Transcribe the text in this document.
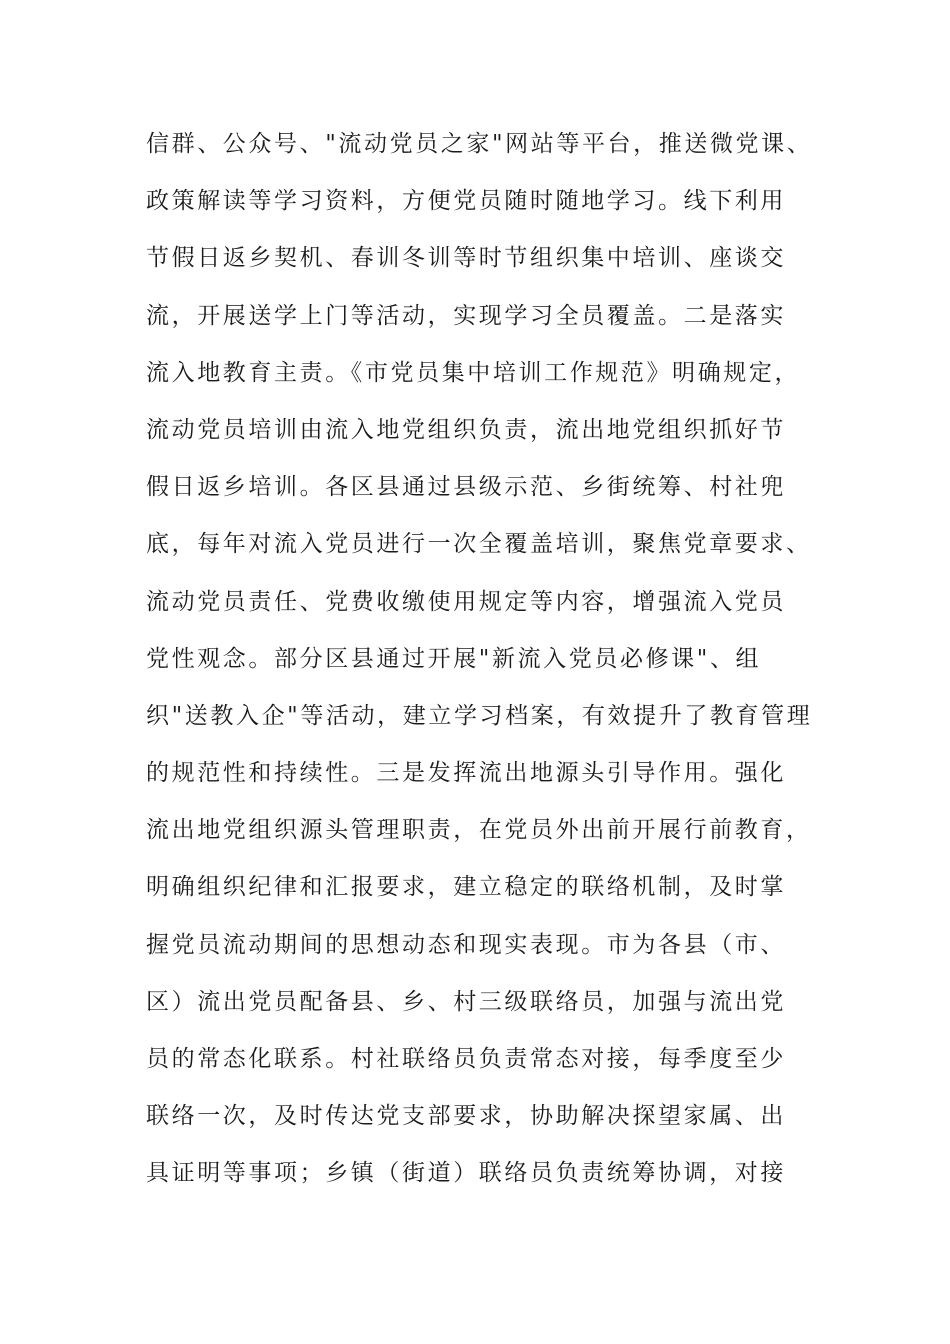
信群、公众号、"流动党员之家"网站等平台，推送微党课、
政策解读等学习资料，方便党员随时随地学习。线下利用
节假日返乡契机、春训冬训等时节组织集中培训、座谈交
流，开展送学上门等活动，实现学习全员覆盖。二是落实
流入地教育主责。《市党员集中培训工作规范》明确规定，
流动党员培训由流入地党组织负责，流出地党组织抓好节
假日返乡培训。各区县通过县级示范、乡街统筹、村社兜
底，每年对流入党员进行一次全覆盖培训，聚焦党章要求、
流动党员责任、党费收缴使用规定等内容，增强流入党员
党性观念。部分区县通过开展"新流入党员必修课"、组
织"送教入企"等活动，建立学习档案，有效提升了教育管理
的规范性和持续性。三是发挥流出地源头引导作用。强化
流出地党组织源头管理职责，在党员外出前开展行前教育，
明确组织纪律和汇报要求，建立稳定的联络机制，及时掌
握党员流动期间的思想动态和现实表现。市为各县（市、
区）流出党员配备县、乡、村三级联络员，加强与流出党
员的常态化联系。村社联络员负责常态对接，每季度至少
联络一次，及时传达党支部要求，协助解决探望家属、出
具证明等事项；乡镇（街道）联络员负责统筹协调，对接
